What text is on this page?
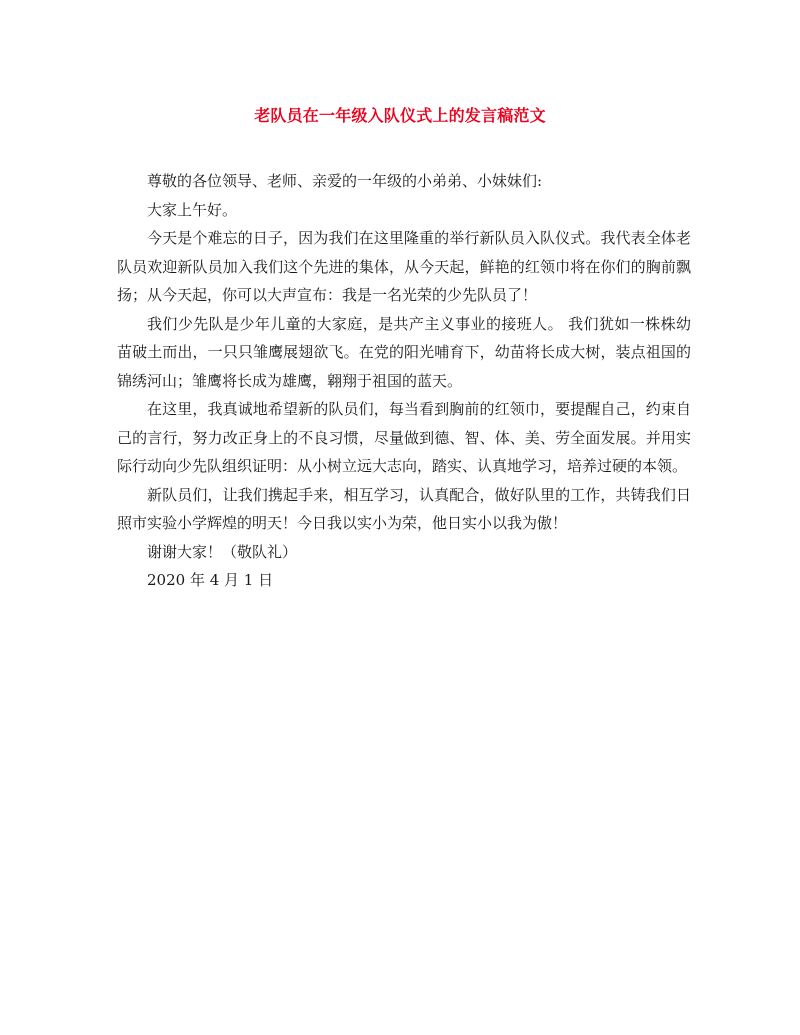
老队员在一年级入队仪式上的发言稿范文

尊敬的各位领导、老师、亲爱的一年级的小弟弟、小妹妹们:

大家上午好。

今天是个难忘的日子，因为我们在这里隆重的举行新队员入队仪式。我代表全体老队员欢迎新队员加入我们这个先进的集体，从今天起，鲜艳的红领巾将在你们的胸前飘扬；从今天起，你可以大声宣布：我是一名光荣的少先队员了！

我们少先队是少年儿童的大家庭，是共产主义事业的接班人。 我们犹如一株株幼苗破土而出，一只只雏鹰展翅欲飞。在党的阳光哺育下，幼苗将长成大树，装点祖国的锦绣河山；雏鹰将长成为雄鹰，翱翔于祖国的蓝天。

在这里，我真诚地希望新的队员们，每当看到胸前的红领巾，要提醒自己，约束自己的言行，努力改正身上的不良习惯，尽量做到德、智、体、美、劳全面发展。并用实际行动向少先队组织证明：从小树立远大志向，踏实、认真地学习，培养过硬的本领。

新队员们，让我们携起手来，相互学习，认真配合，做好队里的工作，共铸我们日照市实验小学辉煌的明天！今日我以实小为荣，他日实小以我为傲！

谢谢大家！（敬队礼）

2020 年 4 月 1 日
